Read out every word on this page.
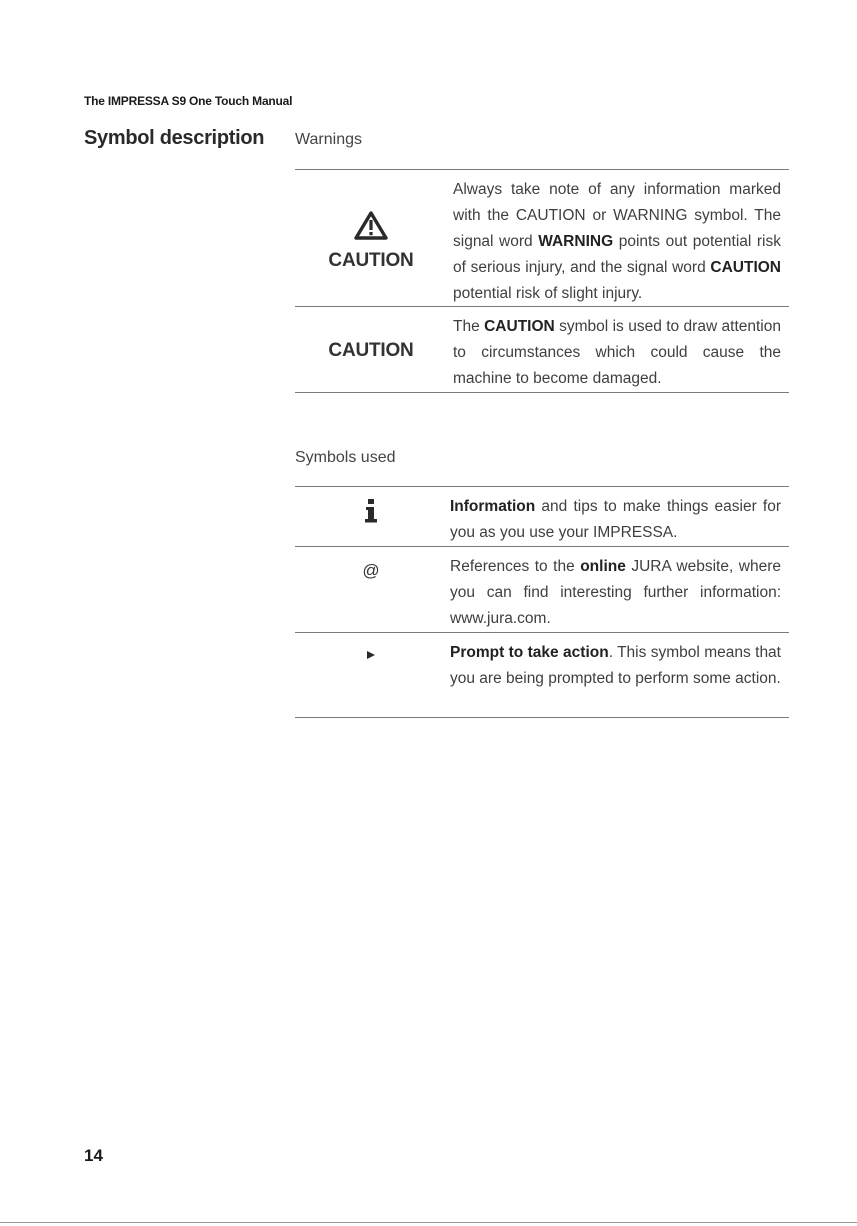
The IMPRESSA S9 One Touch Manual
Symbol description Warnings
CAUTION
Always take note of any information marked with the CAUTION or WARNING symbol. The signal word WARNING points out potential risk of serious injury, and the signal word CAUTION potential risk of slight injury.
CAUTION
The CAUTION symbol is used to draw attention to circumstances which could cause the machine to become damaged.
Symbols used
Information and tips to make things easier for you as you use your IMPRESSA.
@	References to the online JURA website, where you can find interesting further information: www.jura.com.
Prompt to take action. This symbol means that you are being prompted to perform some action.
14
